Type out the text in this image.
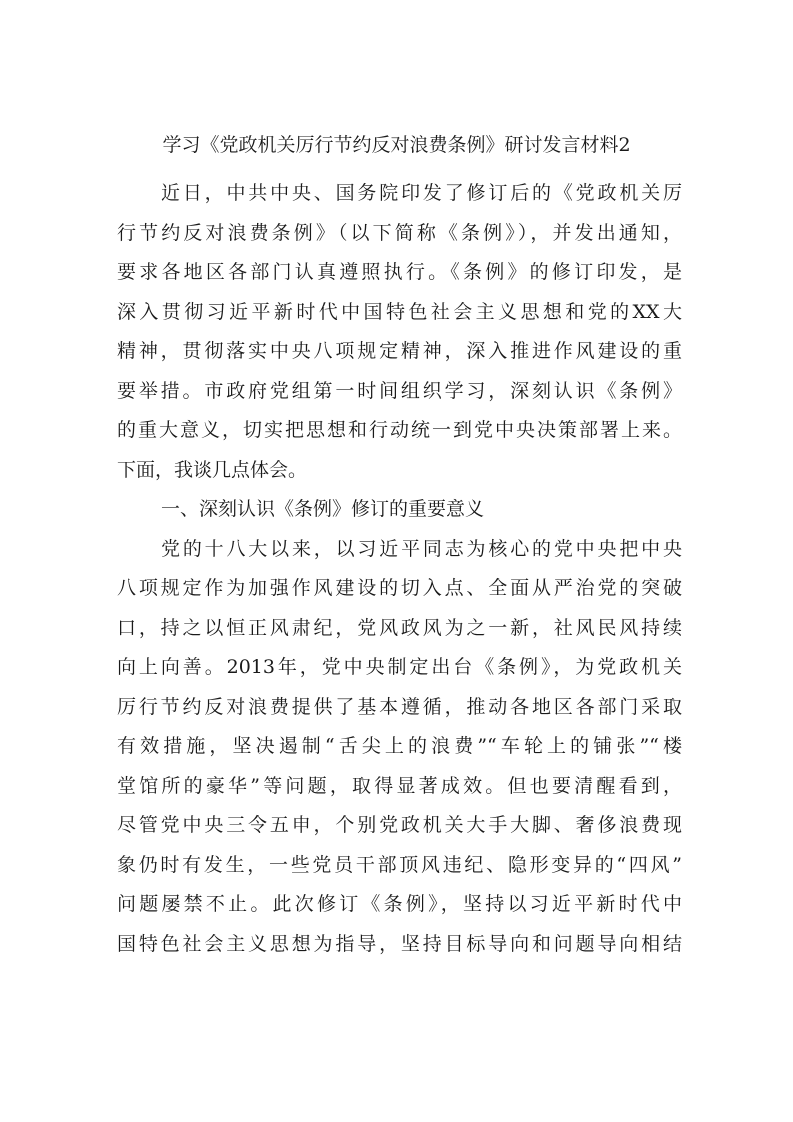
学习《党政机关厉行节约反对浪费条例》研讨发言材料2
近日，中共中央、国务院印发了修订后的《党政机关厉
行节约反对浪费条例》（以下简称《条例》），并发出通知，
要求各地区各部门认真遵照执行。《条例》的修订印发，是
深入贯彻习近平新时代中国特色社会主义思想和党的XX大
精神，贯彻落实中央八项规定精神，深入推进作风建设的重
要举措。市政府党组第一时间组织学习，深刻认识《条例》
的重大意义，切实把思想和行动统一到党中央决策部署上来。
下面，我谈几点体会。
一、深刻认识《条例》修订的重要意义
党的十八大以来，以习近平同志为核心的党中央把中央
八项规定作为加强作风建设的切入点、全面从严治党的突破
口，持之以恒正风肃纪，党风政风为之一新，社风民风持续
向上向善。2013年，党中央制定出台《条例》，为党政机关
厉行节约反对浪费提供了基本遵循，推动各地区各部门采取
有效措施，坚决遏制“舌尖上的浪费”“车轮上的铺张”“楼
堂馆所的豪华”等问题，取得显著成效。但也要清醒看到，
尽管党中央三令五申，个别党政机关大手大脚、奢侈浪费现
象仍时有发生，一些党员干部顶风违纪、隐形变异的“四风”
问题屡禁不止。此次修订《条例》，坚持以习近平新时代中
国特色社会主义思想为指导，坚持目标导向和问题导向相结
